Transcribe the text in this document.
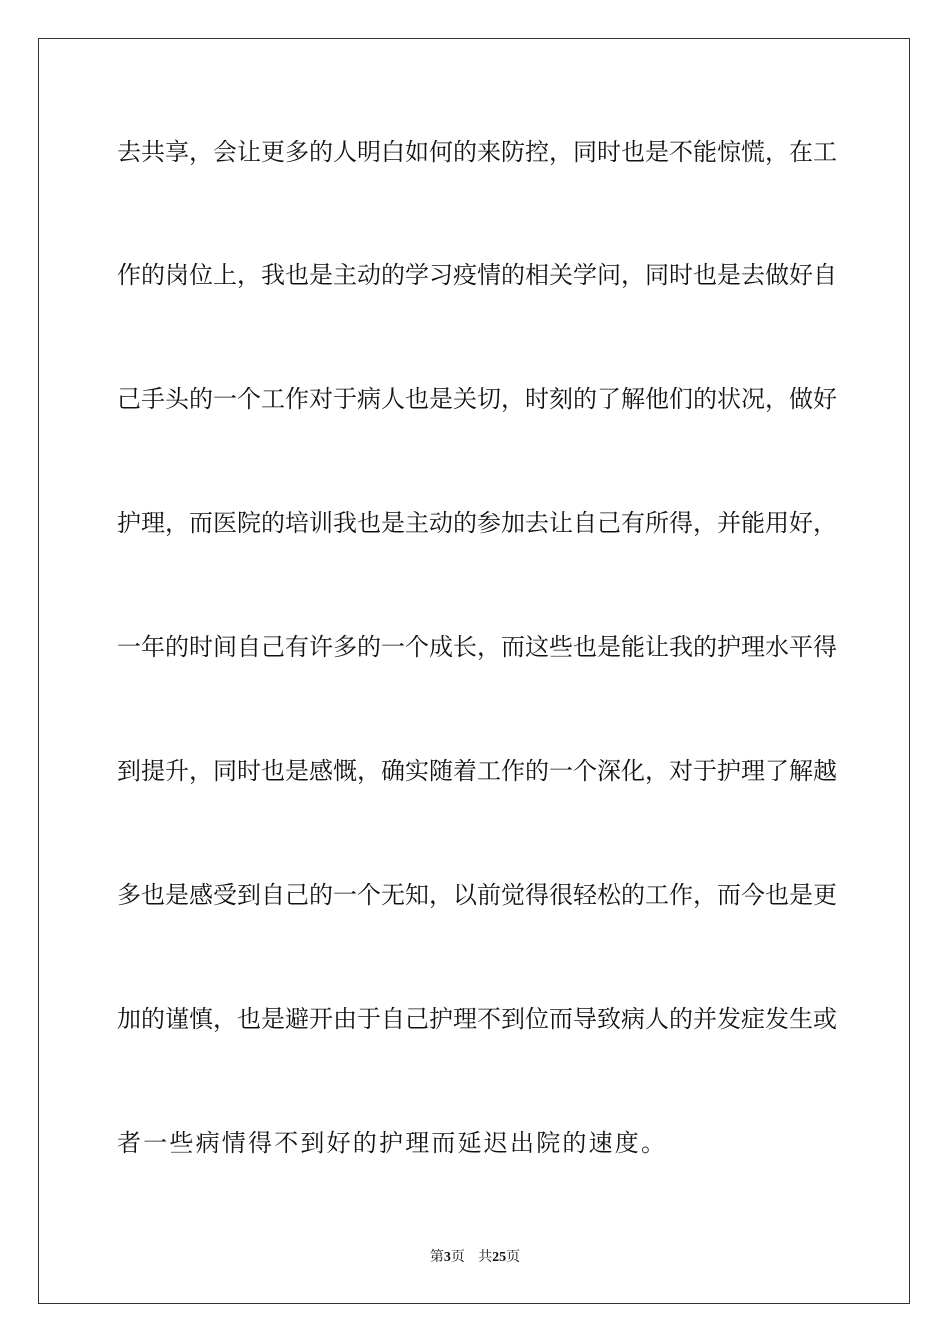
去共享，会让更多的人明白如何的来防控，同时也是不能惊慌，在工
作的岗位上，我也是主动的学习疫情的相关学问，同时也是去做好自
己手头的一个工作对于病人也是关切，时刻的了解他们的状况，做好
护理，而医院的培训我也是主动的参加去让自己有所得，并能用好，
一年的时间自己有许多的一个成长，而这些也是能让我的护理水平得
到提升，同时也是感慨，确实随着工作的一个深化，对于护理了解越
多也是感受到自己的一个无知，以前觉得很轻松的工作，而今也是更
加的谨慎，也是避开由于自己护理不到位而导致病人的并发症发生或
者一些病情得不到好的护理而延迟出院的速度。
第3页 共25页
